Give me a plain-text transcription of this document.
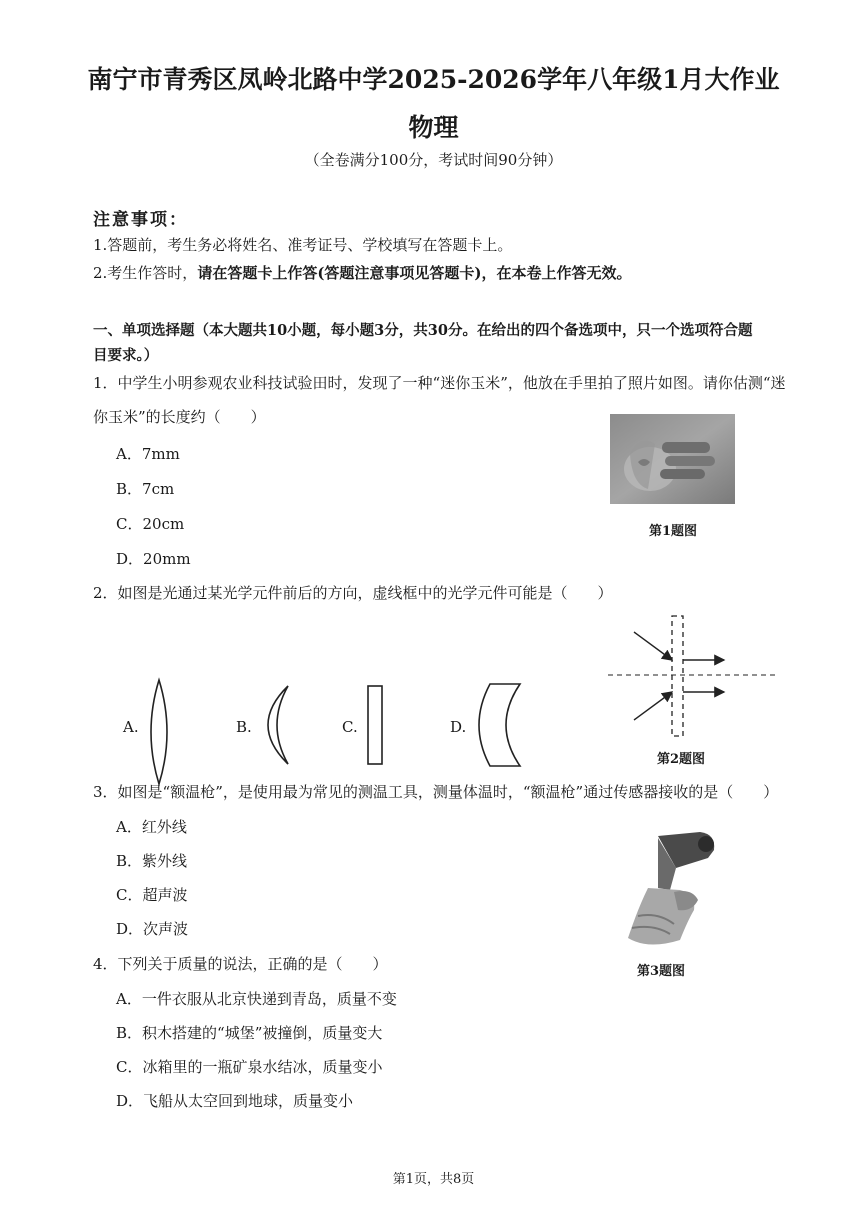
南宁市青秀区凤岭北路中学2025-2026学年八年级1月大作业
物理
（全卷满分100分，考试时间90分钟）
注意事项：
1.答题前，考生务必将姓名、准考证号、学校填写在答题卡上。
2.考生作答时，请在答题卡上作答(答题注意事项见答题卡)，在本卷上作答无效。
一、单项选择题（本大题共10小题，每小题3分，共30分。在给出的四个备选项中，只一个选项符合题
目要求。）
1．中学生小明参观农业科技试验田时，发现了一种“迷你玉米”，他放在手里拍了照片如图。请你估测“迷
你玉米”的长度约（　　）
A．7mm
B．7cm
C．20cm
D．20mm
第1题图
2．如图是光通过某光学元件前后的方向，虚线框中的光学元件可能是（　　）
A.	B.	C.	D.
第2题图
3．如图是“额温枪”，是使用最为常见的测温工具，测量体温时，“额温枪”通过传感器接收的是（　　）
A．红外线
B．紫外线
C．超声波
D．次声波
第3题图
4．下列关于质量的说法，正确的是（　　）
A．一件衣服从北京快递到青岛，质量不变
B．积木搭建的“城堡”被撞倒，质量变大
C．冰箱里的一瓶矿泉水结冰，质量变小
D．飞船从太空回到地球，质量变小
第1页，共8页
